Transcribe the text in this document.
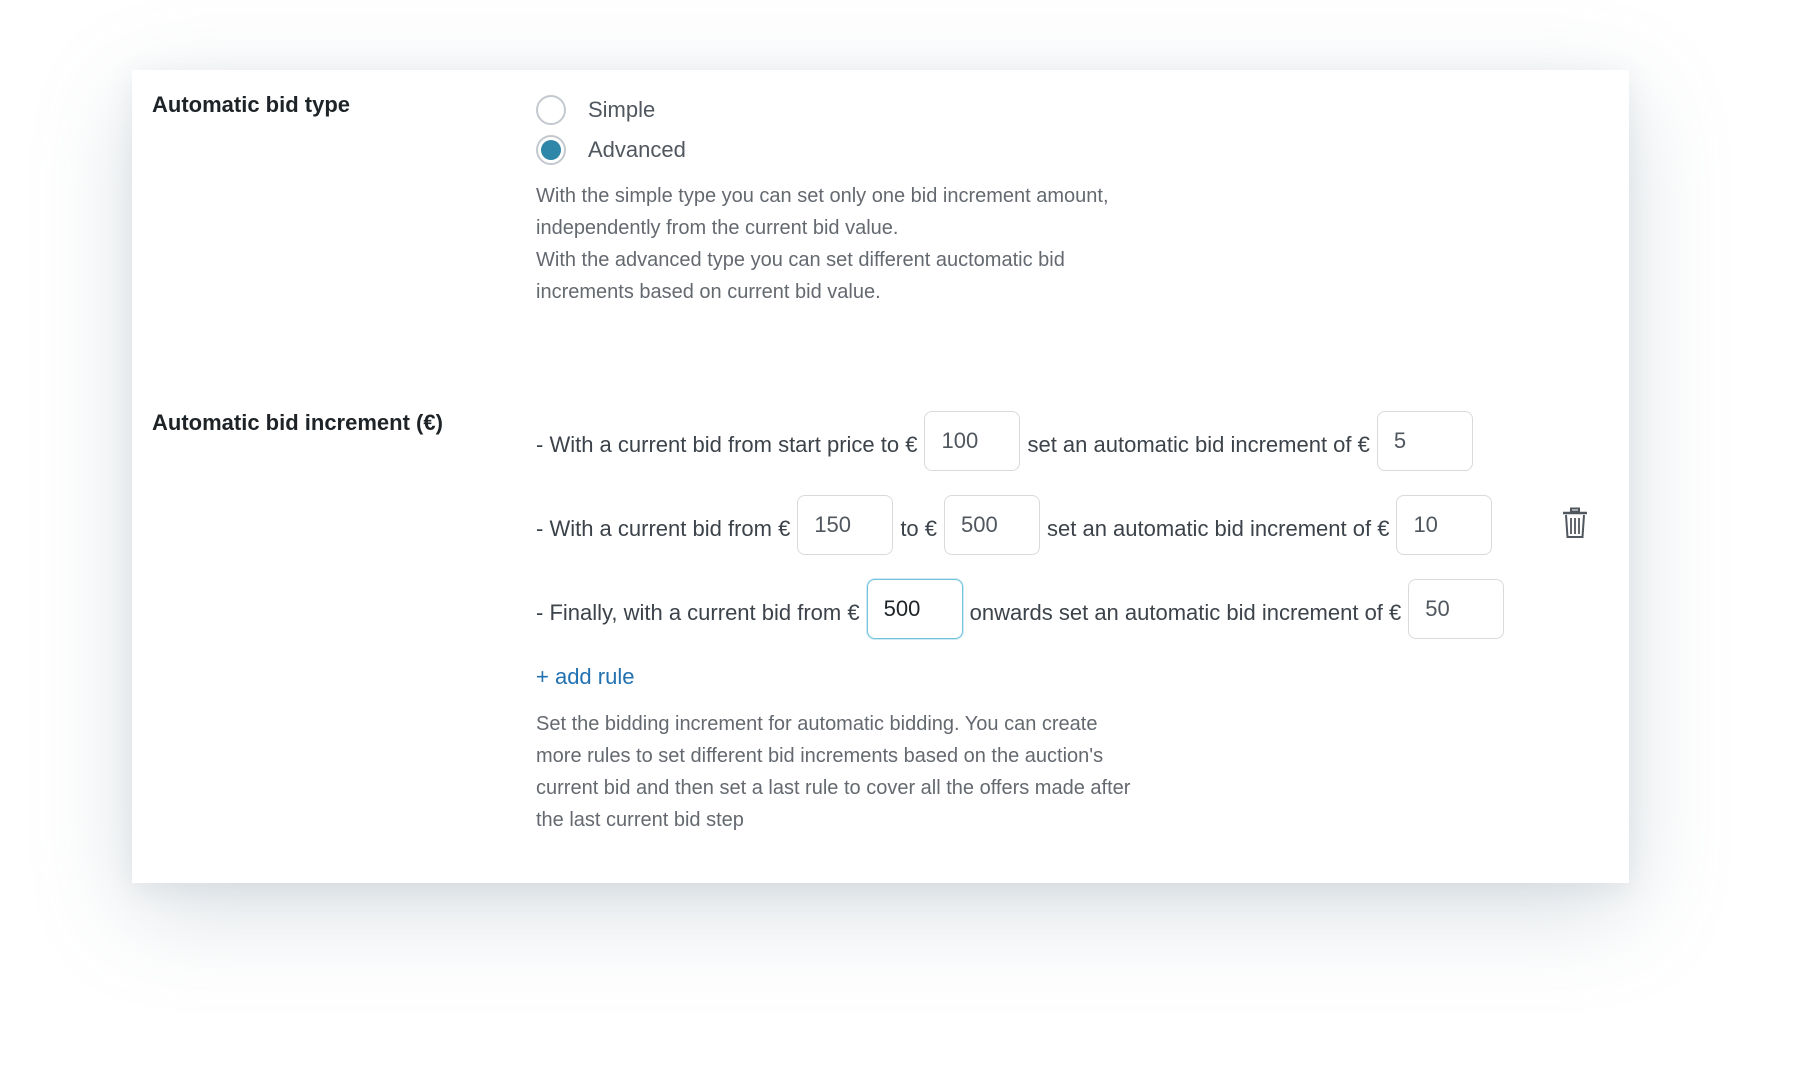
Automatic bid type	Simple
Advanced

With the simple type you can set only one bid increment amount,

independently from the current bid value.

With the advanced type you can set different auctomatic bid

increments based on current bid value.

Automatic bid increment (€)
- With a current bid from start price to €
100	set an automatic bid increment of €
5
- With a current bid from €
150	to €
500	set an automatic bid increment of €
10
- Finally, with a current bid from €
500	onwards set an automatic bid increment of €
50
+ add rule

Set the bidding increment for automatic bidding. You can create

more rules to set different bid increments based on the auction's

current bid and then set a last rule to cover all the offers made after

the last current bid step
